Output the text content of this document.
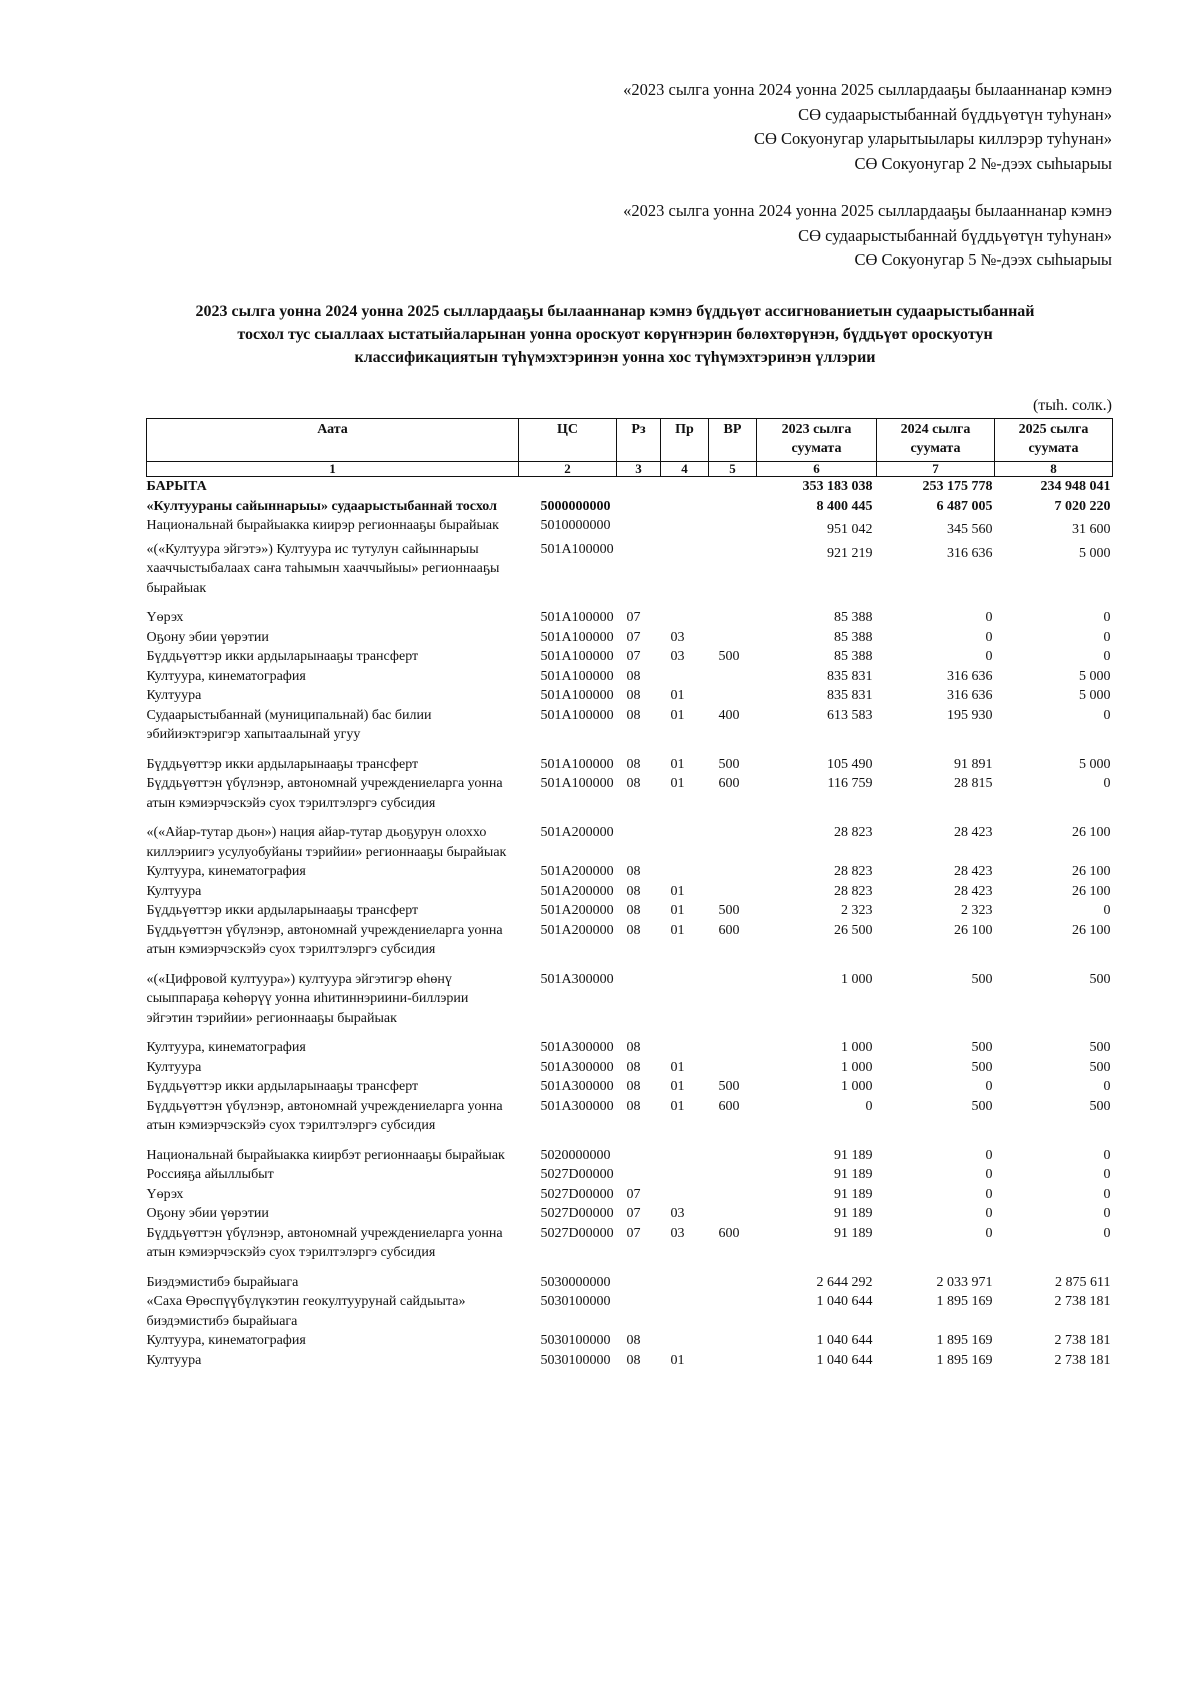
«2023 сылга уонна 2024 уонна 2025 сыллардааҕы былааннанар кэмнэ
СӨ судаарыстыбаннай бүддьүөтүн туһунан»
СӨ Сокуонугар уларытыылары киллэрэр туһунан»
СӨ Сокуонугар 2 №-дээх сыһыарыы
«2023 сылга уонна 2024 уонна 2025 сыллардааҕы былааннанар кэмнэ
СӨ судаарыстыбаннай бүддьүөтүн туһунан»
СӨ Сокуонугар 5 №-дээх сыһыарыы
2023 сылга уонна 2024 уонна 2025 сыллардааҕы былааннанар кэмнэ бүддьүөт ассигнованиетын судаарыстыбаннай
тосхол тус сыаллаах ыстатыйаларынан уонна ороскуот көрүҥнэрин бөлөхтөрүнэн, бүддьүөт ороскуотун
классификациятын түһүмэхтэринэн уонна хос түһүмэхтэринэн үллэрии
(тыһ. солк.)
Аата	ЦС	Рз	Пр	ВР	2023 сылга суумата	2024 сылга суумата	2025 сылга суумата
1	2	3	4	5	6	7	8
БАРЫТА					353 183 038	253 175 778	234 948 041
«Култуураны сайыннарыы» судаарыстыбаннай тосхол	5000000000				8 400 445	6 487 005	7 020 220
Национальнай бырайыакка киирэр регионнааҕы бырайыак	5010000000				951 042	345 560	31 600
«(«Култуура эйгэтэ») Култуура ис тутулун сайыннарыы хааччыстыбалаах саҥа таһымын хааччыйыы» регионнааҕы бырайыак	501A100000				921 219	316 636	5 000
Үөрэх	501A100000	07			85 388	0	0
Оҕону эбии үөрэтии	501A100000	07	03		85 388	0	0
Бүддьүөттэр икки ардыларынааҕы трансферт	501A100000	07	03	500	85 388	0	0
Култуура, кинематография	501A100000	08			835 831	316 636	5 000
Култуура	501A100000	08	01		835 831	316 636	5 000
Судаарыстыбаннай (муниципальнай) бас билии эбийиэктэригэр хапытаалынай угуу	501A100000	08	01	400	613 583	195 930	0
Бүддьүөттэр икки ардыларынааҕы трансферт	501A100000	08	01	500	105 490	91 891	5 000
Бүддьүөттэн үбүлэнэр, автономнай учреждениеларга уонна атын кэмиэрчэскэйэ суох тэрилтэлэргэ субсидия	501A100000	08	01	600	116 759	28 815	0
«(«Айар-тутар дьон») нация айар-тутар дьоҕурун олоххо киллэриигэ усулуобуйаны тэрийии» регионнааҕы бырайыак	501A200000				28 823	28 423	26 100
Култуура, кинематография	501A200000	08			28 823	28 423	26 100
Култуура	501A200000	08	01		28 823	28 423	26 100
Бүддьүөттэр икки ардыларынааҕы трансферт	501A200000	08	01	500	2 323	2 323	0
Бүддьүөттэн үбүлэнэр, автономнай учреждениеларга уонна атын кэмиэрчэскэйэ суох тэрилтэлэргэ субсидия	501A200000	08	01	600	26 500	26 100	26 100
«(«Цифровой култуура») култуура эйгэтигэр өһөнү сыыппараҕа көһөрүү уонна иһитиннэриини-биллэрии эйгэтин тэрийии» регионнааҕы бырайыак	501A300000				1 000	500	500
Култуура, кинематография	501A300000	08			1 000	500	500
Култуура	501A300000	08	01		1 000	500	500
Бүддьүөттэр икки ардыларынааҕы трансферт	501A300000	08	01	500	1 000	0	0
Бүддьүөттэн үбүлэнэр, автономнай учреждениеларга уонна атын кэмиэрчэскэйэ суох тэрилтэлэргэ субсидия	501A300000	08	01	600	0	500	500
Национальнай бырайыакка киирбэт регионнааҕы бырайыак	5020000000				91 189	0	0
Россияҕа айыллыбыт	5027D00000				91 189	0	0
Үөрэх	5027D00000	07			91 189	0	0
Оҕону эбии үөрэтии	5027D00000	07	03		91 189	0	0
Бүддьүөттэн үбүлэнэр, автономнай учреждениеларга уонна атын кэмиэрчэскэйэ суох тэрилтэлэргэ субсидия	5027D00000	07	03	600	91 189	0	0
Биэдэмистибэ бырайыага	5030000000				2 644 292	2 033 971	2 875 611
«Саха Өрөспүүбүлүкэтин геокултуурунай сайдыыта» биэдэмистибэ бырайыага	5030100000				1 040 644	1 895 169	2 738 181
Култуура, кинематография	5030100000	08			1 040 644	1 895 169	2 738 181
Култуура	5030100000	08	01		1 040 644	1 895 169	2 738 181
